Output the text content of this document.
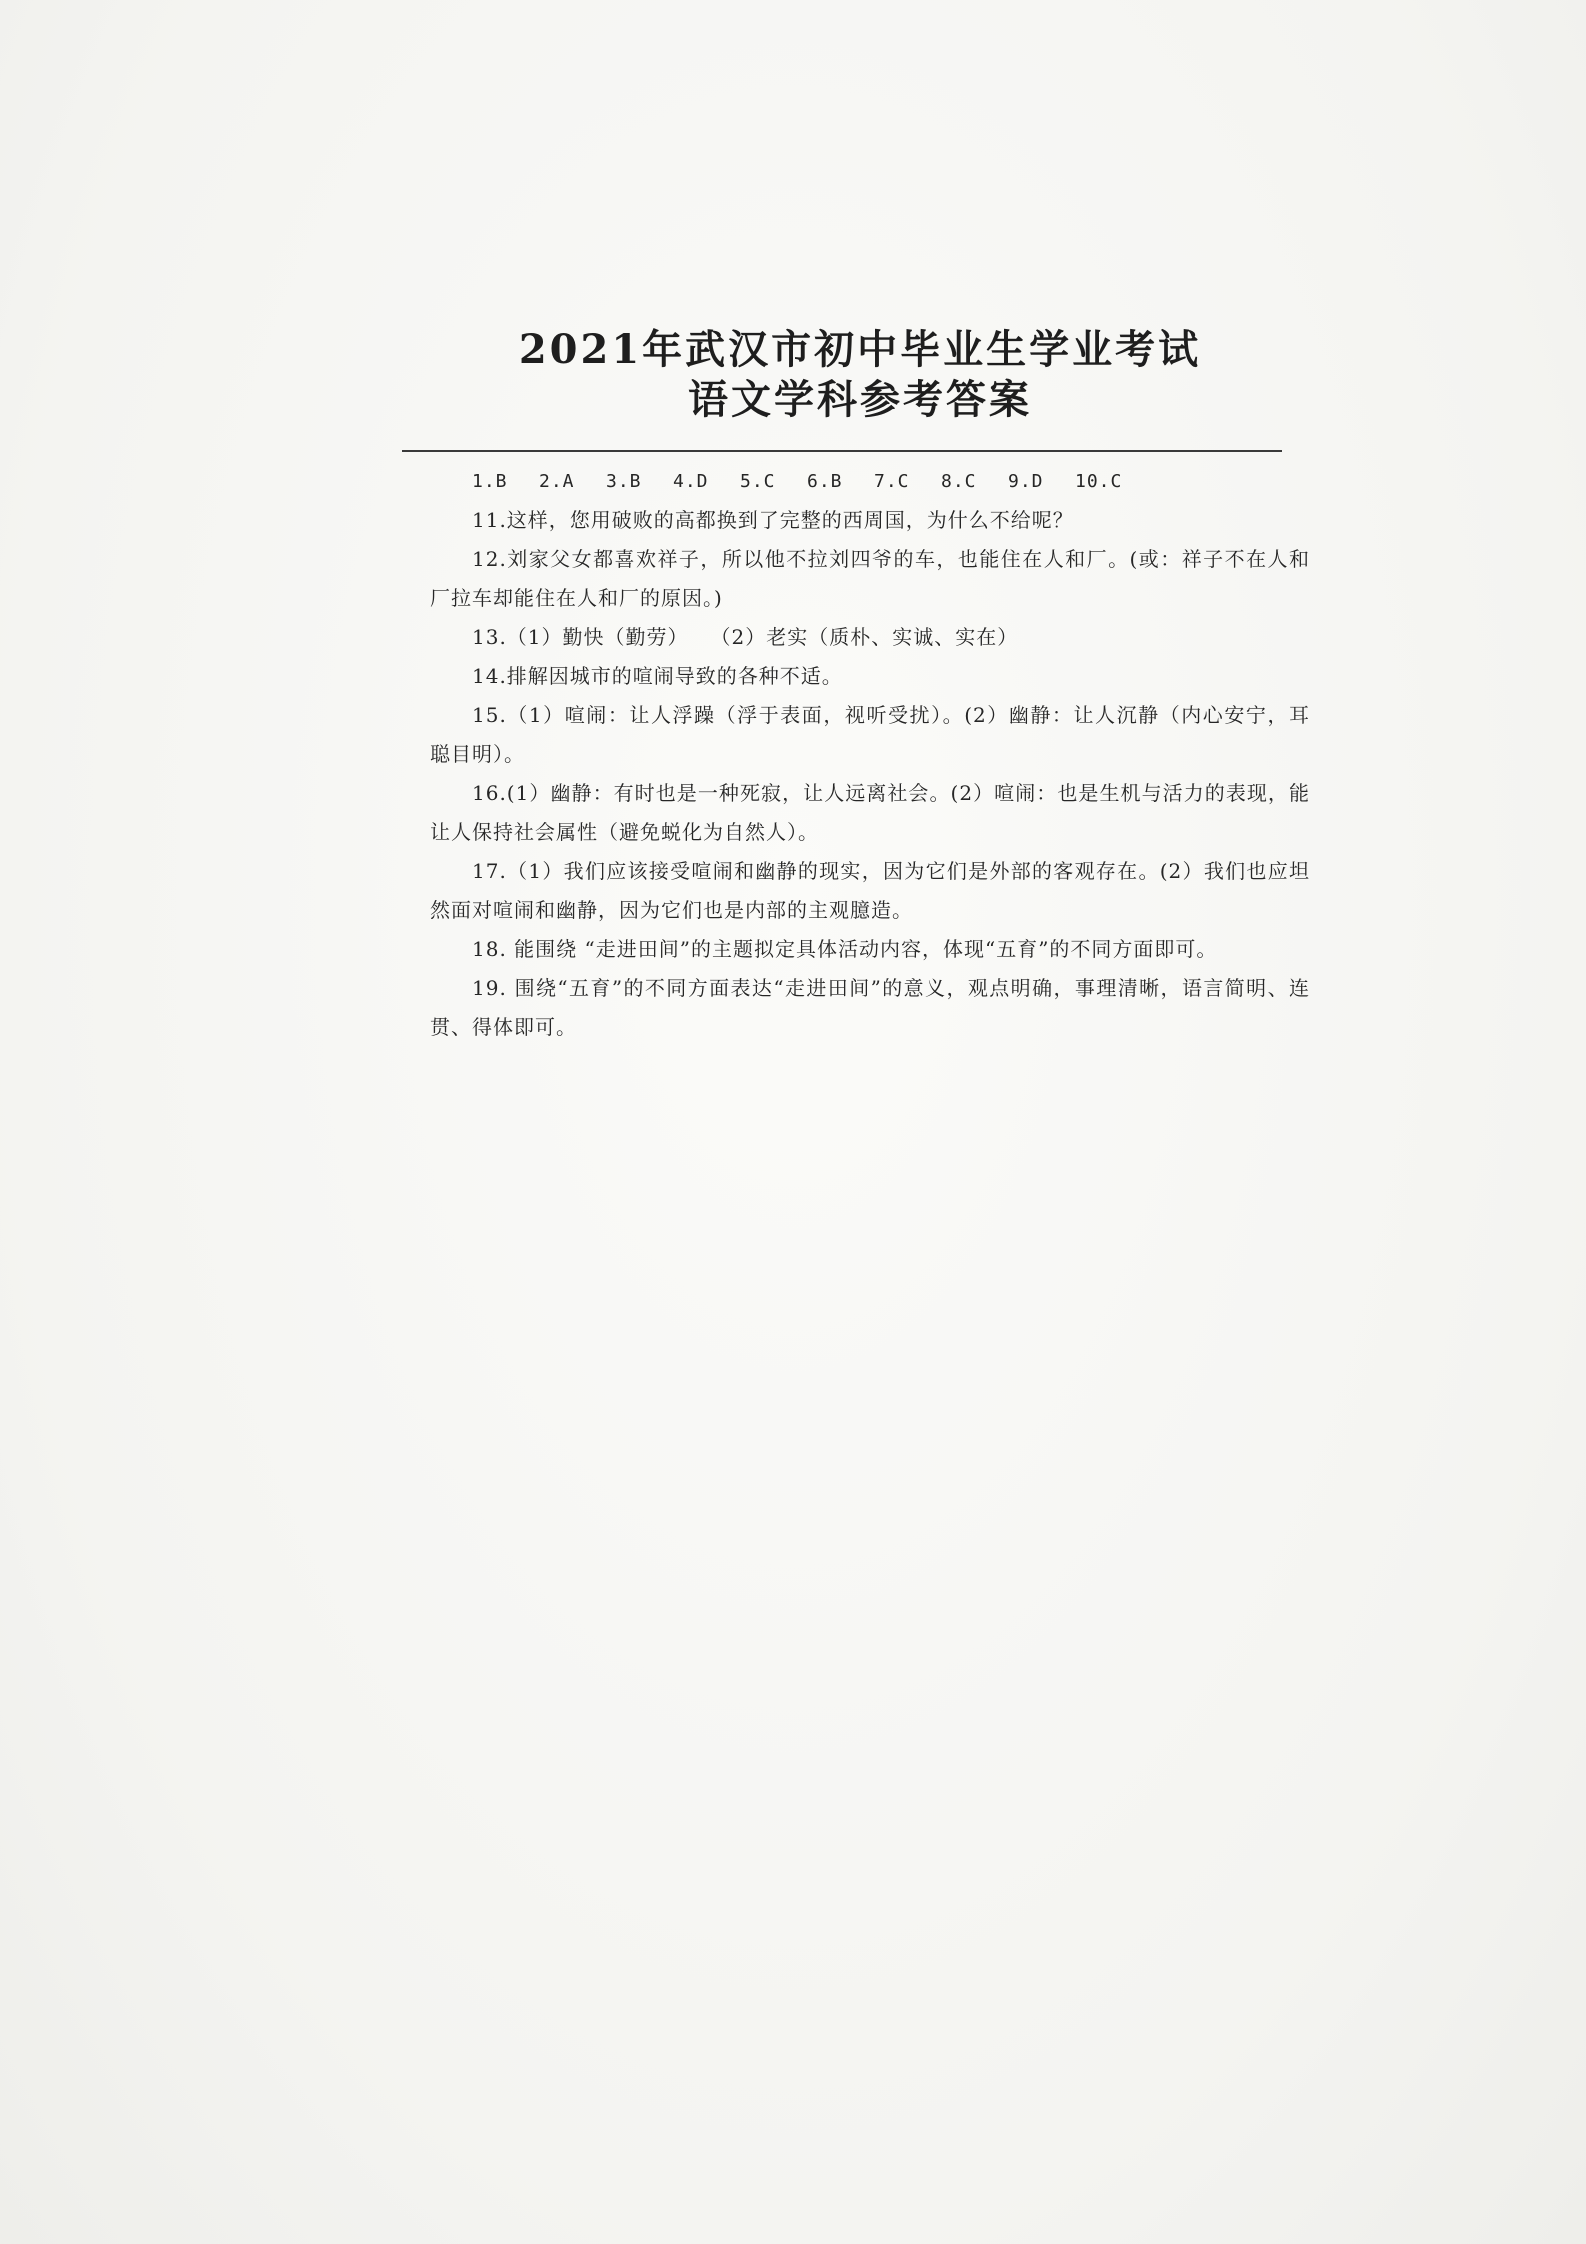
2021年武汉市初中毕业生学业考试
语文学科参考答案
1.B	2.A	3.B	4.D	5.C	6.B	7.C	8.C	9.D	10.C

11.这样，您用破败的高都换到了完整的西周国，为什么不给呢？

12.刘家父女都喜欢祥子，所以他不拉刘四爷的车，也能住在人和厂。(或：祥子不在人和厂拉车却能住在人和厂的原因。)

13.（1）勤快（勤劳）　　（2）老实（质朴、实诚、实在）

14.排解因城市的喧闹导致的各种不适。

15.（1）喧闹：让人浮躁（浮于表面，视听受扰）。(2）幽静：让人沉静（内心安宁，耳聪目明）。

16.(1）幽静：有时也是一种死寂，让人远离社会。(2）喧闹：也是生机与活力的表现，能让人保持社会属性（避免蜕化为自然人）。

17.（1）我们应该接受喧闹和幽静的现实，因为它们是外部的客观存在。(2）我们也应坦然面对喧闹和幽静，因为它们也是内部的主观臆造。

18. 能围绕 “走进田间”的主题拟定具体活动内容，体现“五育”的不同方面即可。

19. 围绕“五育”的不同方面表达“走进田间”的意义，观点明确，事理清晰，语言简明、连贯、得体即可。
